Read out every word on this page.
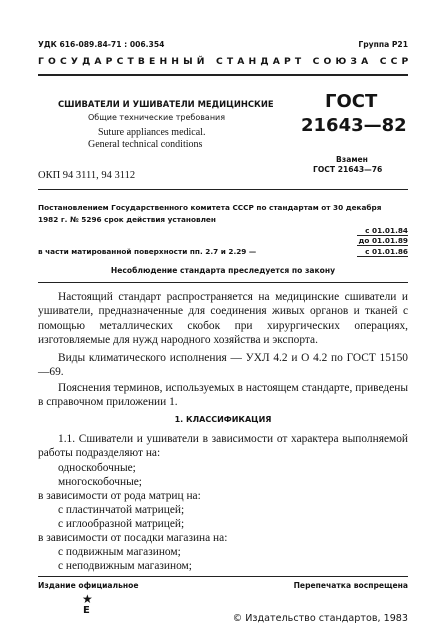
УДК 616-089.84-71 : 006.354	Группа Р21
ГОСУДАРСТВЕННЫЙ СТАНДАРТ СОЮЗА ССР
СШИВАТЕЛИ И УШИВАТЕЛИ МЕДИЦИНСКИЕ
Общие технические требования
Suture appliances medical.
General technical conditions
ОКП 94 3111, 94 3112
ГОСТ
21643—82
Взамен
ГОСТ 21643—76
Постановлением Государственного комитета СССР по стандартам от 30 декабря
1982 г. № 5296 срок действия установлен
с 01.01.84
до 01.01.89
в части матированной поверхности пп. 2.7 и 2.29 —	с 01.01.86
Несоблюдение стандарта преследуется по закону
Настоящий стандарт распространяется на медицинские сшиватели и ушиватели, предназначенные для соединения живых органов и тканей с помощью металлических скобок при хирургических операциях, изготовляемые для нужд народного хозяйства и экспорта.
Виды климатического исполнения — УХЛ 4.2 и О 4.2 по ГОСТ 15150—69.
Пояснения терминов, используемых в настоящем стандарте, приведены в справочном приложении 1.
1. КЛАССИФИКАЦИЯ
1.1. Сшиватели и ушиватели в зависимости от характера выполняемой работы подразделяют на:
односкобочные;
многоскобочные;
в зависимости от рода матриц на:
с пластинчатой матрицей;
с иглообразной матрицей;
в зависимости от посадки магазина на:
с подвижным магазином;
с неподвижным магазином;
Издание официальное	Перепечатка воспрещена
★
Е
© Издательство стандартов, 1983
